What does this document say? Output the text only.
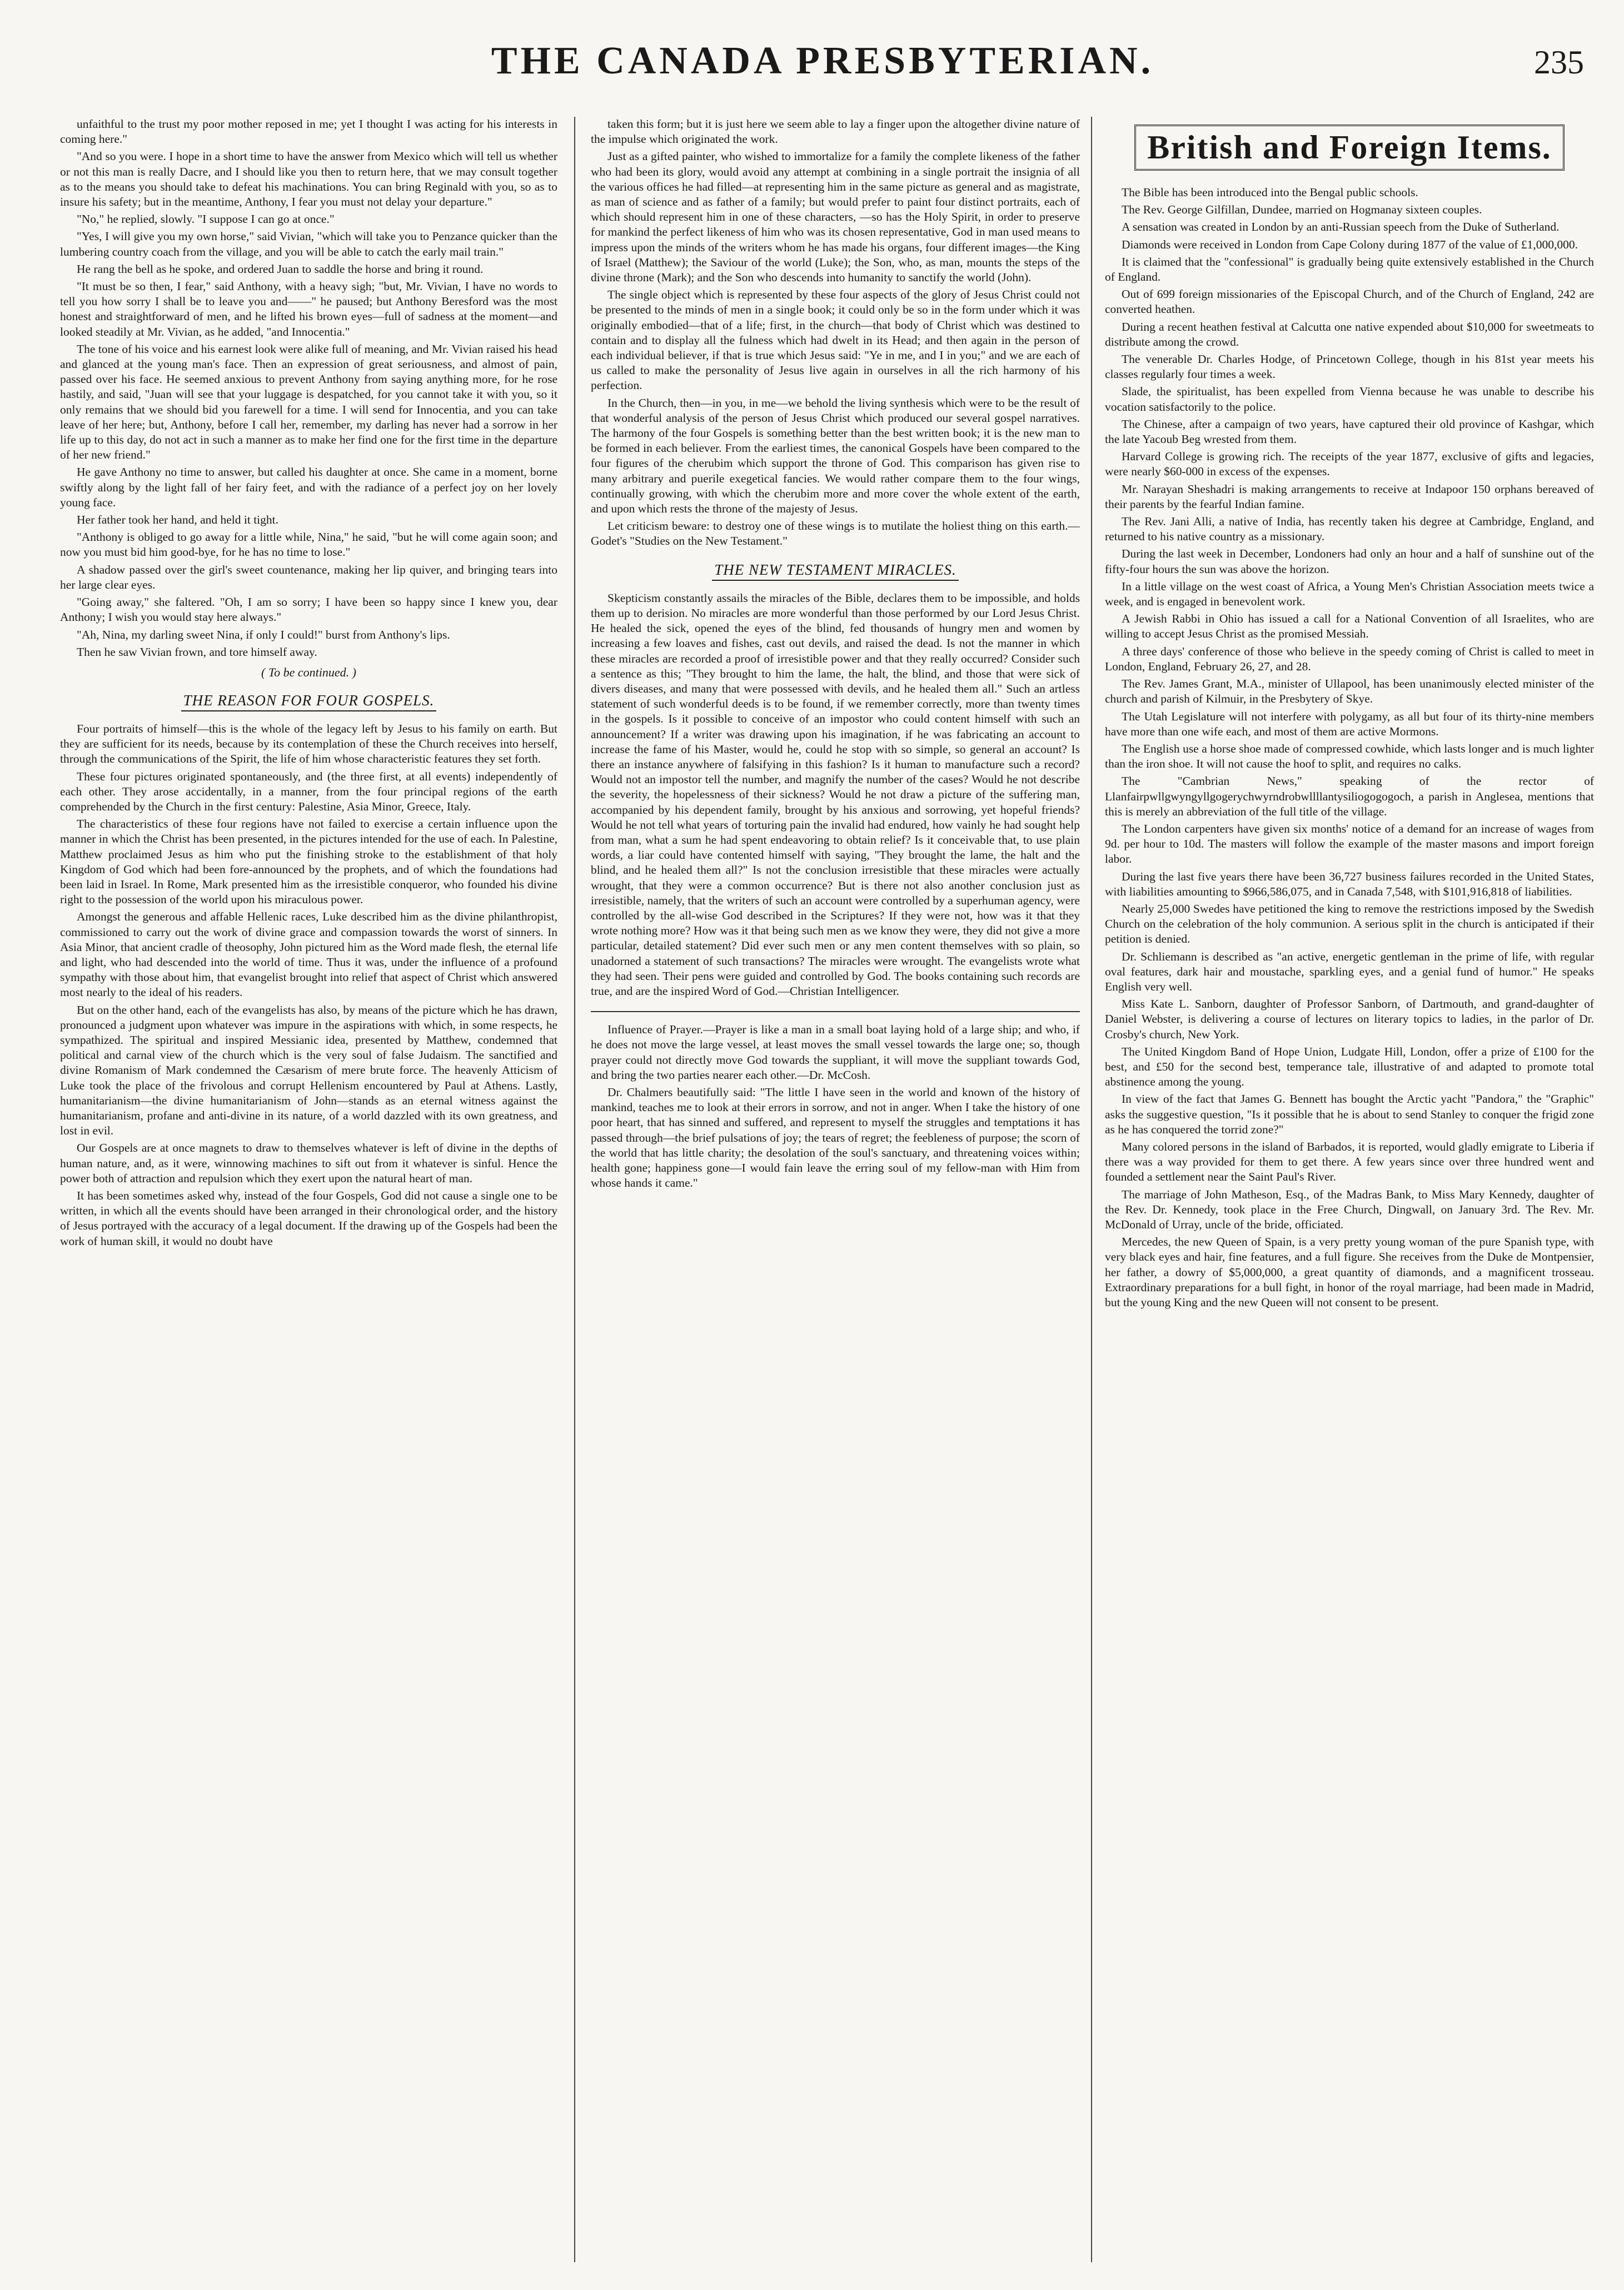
THE CANADA PRESBYTERIAN.	235

unfaithful to the trust my poor mother reposed in me; yet I thought I was acting for his interests in coming here."

"And so you were. I hope in a short time to have the answer from Mexico which will tell us whether or not this man is really Dacre, and I should like you then to return here, that we may consult together as to the means you should take to defeat his machinations. You can bring Reginald with you, so as to insure his safety; but in the meantime, Anthony, I fear you must not delay your departure."

"No," he replied, slowly. "I suppose I can go at once."

"Yes, I will give you my own horse," said Vivian, "which will take you to Penzance quicker than the lumbering country coach from the village, and you will be able to catch the early mail train."

He rang the bell as he spoke, and ordered Juan to saddle the horse and bring it round.

"It must be so then, I fear," said Anthony, with a heavy sigh; "but, Mr. Vivian, I have no words to tell you how sorry I shall be to leave you and——" he paused; but Anthony Beresford was the most honest and straightforward of men, and he lifted his brown eyes—full of sadness at the moment—and looked steadily at Mr. Vivian, as he added, "and Innocentia."

The tone of his voice and his earnest look were alike full of meaning, and Mr. Vivian raised his head and glanced at the young man's face. Then an expression of great seriousness, and almost of pain, passed over his face. He seemed anxious to prevent Anthony from saying anything more, for he rose hastily, and said, "Juan will see that your luggage is despatched, for you cannot take it with you, so it only remains that we should bid you farewell for a time. I will send for Innocentia, and you can take leave of her here; but, Anthony, before I call her, remember, my darling has never had a sorrow in her life up to this day, do not act in such a manner as to make her find one for the first time in the departure of her new friend."

He gave Anthony no time to answer, but called his daughter at once. She came in a moment, borne swiftly along by the light fall of her fairy feet, and with the radiance of a perfect joy on her lovely young face.

Her father took her hand, and held it tight.

"Anthony is obliged to go away for a little while, Nina," he said, "but he will come again soon; and now you must bid him good-bye, for he has no time to lose."

A shadow passed over the girl's sweet countenance, making her lip quiver, and bringing tears into her large clear eyes.

"Going away," she faltered. "Oh, I am so sorry; I have been so happy since I knew you, dear Anthony; I wish you would stay here always."

"Ah, Nina, my darling sweet Nina, if only I could!" burst from Anthony's lips.

Then he saw Vivian frown, and tore himself away.

( To be continued. )
THE REASON FOR FOUR GOSPELS.

Four portraits of himself—this is the whole of the legacy left by Jesus to his family on earth. But they are sufficient for its needs, because by its contemplation of these the Church receives into herself, through the communications of the Spirit, the life of him whose characteristic features they set forth.

These four pictures originated spontaneously, and (the three first, at all events) independently of each other. They arose accidentally, in a manner, from the four principal regions of the earth comprehended by the Church in the first century: Palestine, Asia Minor, Greece, Italy.

The characteristics of these four regions have not failed to exercise a certain influence upon the manner in which the Christ has been presented, in the pictures intended for the use of each. In Palestine, Matthew proclaimed Jesus as him who put the finishing stroke to the establishment of that holy Kingdom of God which had been fore-announced by the prophets, and of which the foundations had been laid in Israel. In Rome, Mark presented him as the irresistible conqueror, who founded his divine right to the possession of the world upon his miraculous power.

Amongst the generous and affable Hellenic races, Luke described him as the divine philanthropist, commissioned to carry out the work of divine grace and compassion towards the worst of sinners. In Asia Minor, that ancient cradle of theosophy, John pictured him as the Word made flesh, the eternal life and light, who had descended into the world of time. Thus it was, under the influence of a profound sympathy with those about him, that evangelist brought into relief that aspect of Christ which answered most nearly to the ideal of his readers.

But on the other hand, each of the evangelists has also, by means of the picture which he has drawn, pronounced a judgment upon whatever was impure in the aspirations with which, in some respects, he sympathized. The spiritual and inspired Messianic idea, presented by Matthew, condemned that political and carnal view of the church which is the very soul of false Judaism. The sanctified and divine Romanism of Mark condemned the Cæsarism of mere brute force. The heavenly Atticism of Luke took the place of the frivolous and corrupt Hellenism encountered by Paul at Athens. Lastly, humanitarianism—the divine humanitarianism of John—stands as an eternal witness against the humanitarianism, profane and anti-divine in its nature, of a world dazzled with its own greatness, and lost in evil.

Our Gospels are at once magnets to draw to themselves whatever is left of divine in the depths of human nature, and, as it were, winnowing machines to sift out from it whatever is sinful. Hence the power both of attraction and repulsion which they exert upon the natural heart of man.

It has been sometimes asked why, instead of the four Gospels, God did not cause a single one to be written, in which all the events should have been arranged in their chronological order, and the history of Jesus portrayed with the accuracy of a legal document. If the drawing up of the Gospels had been the work of human skill, it would no doubt have

taken this form; but it is just here we seem able to lay a finger upon the altogether divine nature of the impulse which originated the work.

Just as a gifted painter, who wished to immortalize for a family the complete likeness of the father who had been its glory, would avoid any attempt at combining in a single portrait the insignia of all the various offices he had filled—at representing him in the same picture as general and as magistrate, as man of science and as father of a family; but would prefer to paint four distinct portraits, each of which should represent him in one of these characters, —so has the Holy Spirit, in order to preserve for mankind the perfect likeness of him who was its chosen representative, God in man used means to impress upon the minds of the writers whom he has made his organs, four different images—the King of Israel (Matthew); the Saviour of the world (Luke); the Son, who, as man, mounts the steps of the divine throne (Mark); and the Son who descends into humanity to sanctify the world (John).

The single object which is represented by these four aspects of the glory of Jesus Christ could not be presented to the minds of men in a single book; it could only be so in the form under which it was originally embodied—that of a life; first, in the church—that body of Christ which was destined to contain and to display all the fulness which had dwelt in its Head; and then again in the person of each individual believer, if that is true which Jesus said: "Ye in me, and I in you;" and we are each of us called to make the personality of Jesus live again in ourselves in all the rich harmony of his perfection.

In the Church, then—in you, in me—we behold the living synthesis which were to be the result of that wonderful analysis of the person of Jesus Christ which produced our several gospel narratives. The harmony of the four Gospels is something better than the best written book; it is the new man to be formed in each believer. From the earliest times, the canonical Gospels have been compared to the four figures of the cherubim which support the throne of God. This comparison has given rise to many arbitrary and puerile exegetical fancies. We would rather compare them to the four wings, continually growing, with which the cherubim more and more cover the whole extent of the earth, and upon which rests the throne of the majesty of Jesus.

Let criticism beware: to destroy one of these wings is to mutilate the holiest thing on this earth.—Godet's "Studies on the New Testament."

THE NEW TESTAMENT MIRACLES.

Skepticism constantly assails the miracles of the Bible, declares them to be impossible, and holds them up to derision. No miracles are more wonderful than those performed by our Lord Jesus Christ. He healed the sick, opened the eyes of the blind, fed thousands of hungry men and women by increasing a few loaves and fishes, cast out devils, and raised the dead. Is not the manner in which these miracles are recorded a proof of irresistible power and that they really occurred? Consider such a sentence as this; "They brought to him the lame, the halt, the blind, and those that were sick of divers diseases, and many that were possessed with devils, and he healed them all." Such an artless statement of such wonderful deeds is to be found, if we remember correctly, more than twenty times in the gospels. Is it possible to conceive of an impostor who could content himself with such an announcement? If a writer was drawing upon his imagination, if he was fabricating an account to increase the fame of his Master, would he, could he stop with so simple, so general an account? Is there an instance anywhere of falsifying in this fashion? Is it human to manufacture such a record? Would not an impostor tell the number, and magnify the number of the cases? Would he not describe the severity, the hopelessness of their sickness? Would he not draw a picture of the suffering man, accompanied by his dependent family, brought by his anxious and sorrowing, yet hopeful friends? Would he not tell what years of torturing pain the invalid had endured, how vainly he had sought help from man, what a sum he had spent endeavoring to obtain relief? Is it conceivable that, to use plain words, a liar could have contented himself with saying, "They brought the lame, the halt and the blind, and he healed them all?" Is not the conclusion irresistible that these miracles were actually wrought, that they were a common occurrence? But is there not also another conclusion just as irresistible, namely, that the writers of such an account were controlled by a superhuman agency, were controlled by the all-wise God described in the Scriptures? If they were not, how was it that they wrote nothing more? How was it that being such men as we know they were, they did not give a more particular, detailed statement? Did ever such men or any men content themselves with so plain, so unadorned a statement of such transactions? The miracles were wrought. The evangelists wrote what they had seen. Their pens were guided and controlled by God. The books containing such records are true, and are the inspired Word of God.—Christian Intelligencer.

Influence of Prayer.—Prayer is like a man in a small boat laying hold of a large ship; and who, if he does not move the large vessel, at least moves the small vessel towards the large one; so, though prayer could not directly move God towards the suppliant, it will move the suppliant towards God, and bring the two parties nearer each other.—Dr. McCosh.

Dr. Chalmers beautifully said: "The little I have seen in the world and known of the history of mankind, teaches me to look at their errors in sorrow, and not in anger. When I take the history of one poor heart, that has sinned and suffered, and represent to myself the struggles and temptations it has passed through—the brief pulsations of joy; the tears of regret; the feebleness of purpose; the scorn of the world that has little charity; the desolation of the soul's sanctuary, and threatening voices within; health gone; happiness gone—I would fain leave the erring soul of my fellow-man with Him from whose hands it came."

British and Foreign Items.

The Bible has been introduced into the Bengal public schools.

The Rev. George Gilfillan, Dundee, married on Hogmanay sixteen couples.

A sensation was created in London by an anti-Russian speech from the Duke of Sutherland.

Diamonds were received in London from Cape Colony during 1877 of the value of £1,000,000.

It is claimed that the "confessional" is gradually being quite extensively established in the Church of England.

Out of 699 foreign missionaries of the Episcopal Church, and of the Church of England, 242 are converted heathen.

During a recent heathen festival at Calcutta one native expended about $10,000 for sweetmeats to distribute among the crowd.

The venerable Dr. Charles Hodge, of Princetown College, though in his 81st year meets his classes regularly four times a week.

Slade, the spiritualist, has been expelled from Vienna because he was unable to describe his vocation satisfactorily to the police.

The Chinese, after a campaign of two years, have captured their old province of Kashgar, which the late Yacoub Beg wrested from them.

Harvard College is growing rich. The receipts of the year 1877, exclusive of gifts and legacies, were nearly $60-000 in excess of the expenses.

Mr. Narayan Sheshadri is making arrangements to receive at Indapoor 150 orphans bereaved of their parents by the fearful Indian famine.

The Rev. Jani Alli, a native of India, has recently taken his degree at Cambridge, England, and returned to his native country as a missionary.

During the last week in December, Londoners had only an hour and a half of sunshine out of the fifty-four hours the sun was above the horizon.

In a little village on the west coast of Africa, a Young Men's Christian Association meets twice a week, and is engaged in benevolent work.

A Jewish Rabbi in Ohio has issued a call for a National Convention of all Israelites, who are willing to accept Jesus Christ as the promised Messiah.

A three days' conference of those who believe in the speedy coming of Christ is called to meet in London, England, February 26, 27, and 28.

The Rev. James Grant, M.A., minister of Ullapool, has been unanimously elected minister of the church and parish of Kilmuir, in the Presbytery of Skye.

The Utah Legislature will not interfere with polygamy, as all but four of its thirty-nine members have more than one wife each, and most of them are active Mormons.

The English use a horse shoe made of compressed cowhide, which lasts longer and is much lighter than the iron shoe. It will not cause the hoof to split, and requires no calks.

The "Cambrian News," speaking of the rector of Llanfairpwllgwyngyllgogerychwyrndrobwllllantysiliogogogoch, a parish in Anglesea, mentions that this is merely an abbreviation of the full title of the village.

The London carpenters have given six months' notice of a demand for an increase of wages from 9d. per hour to 10d. The masters will follow the example of the master masons and import foreign labor.

During the last five years there have been 36,727 business failures recorded in the United States, with liabilities amounting to $966,586,075, and in Canada 7,548, with $101,916,818 of liabilities.

Nearly 25,000 Swedes have petitioned the king to remove the restrictions imposed by the Swedish Church on the celebration of the holy communion. A serious split in the church is anticipated if their petition is denied.

Dr. Schliemann is described as "an active, energetic gentleman in the prime of life, with regular oval features, dark hair and moustache, sparkling eyes, and a genial fund of humor." He speaks English very well.

Miss Kate L. Sanborn, daughter of Professor Sanborn, of Dartmouth, and grand-daughter of Daniel Webster, is delivering a course of lectures on literary topics to ladies, in the parlor of Dr. Crosby's church, New York.

The United Kingdom Band of Hope Union, Ludgate Hill, London, offer a prize of £100 for the best, and £50 for the second best, temperance tale, illustrative of and adapted to promote total abstinence among the young.

In view of the fact that James G. Bennett has bought the Arctic yacht "Pandora," the "Graphic" asks the suggestive question, "Is it possible that he is about to send Stanley to conquer the frigid zone as he has conquered the torrid zone?"

Many colored persons in the island of Barbados, it is reported, would gladly emigrate to Liberia if there was a way provided for them to get there. A few years since over three hundred went and founded a settlement near the Saint Paul's River.

The marriage of John Matheson, Esq., of the Madras Bank, to Miss Mary Kennedy, daughter of the Rev. Dr. Kennedy, took place in the Free Church, Dingwall, on January 3rd. The Rev. Mr. McDonald of Urray, uncle of the bride, officiated.

Mercedes, the new Queen of Spain, is a very pretty young woman of the pure Spanish type, with very black eyes and hair, fine features, and a full figure. She receives from the Duke de Montpensier, her father, a dowry of $5,000,000, a great quantity of diamonds, and a magnificent trosseau. Extraordinary preparations for a bull fight, in honor of the royal marriage, had been made in Madrid, but the young King and the new Queen will not consent to be present.
